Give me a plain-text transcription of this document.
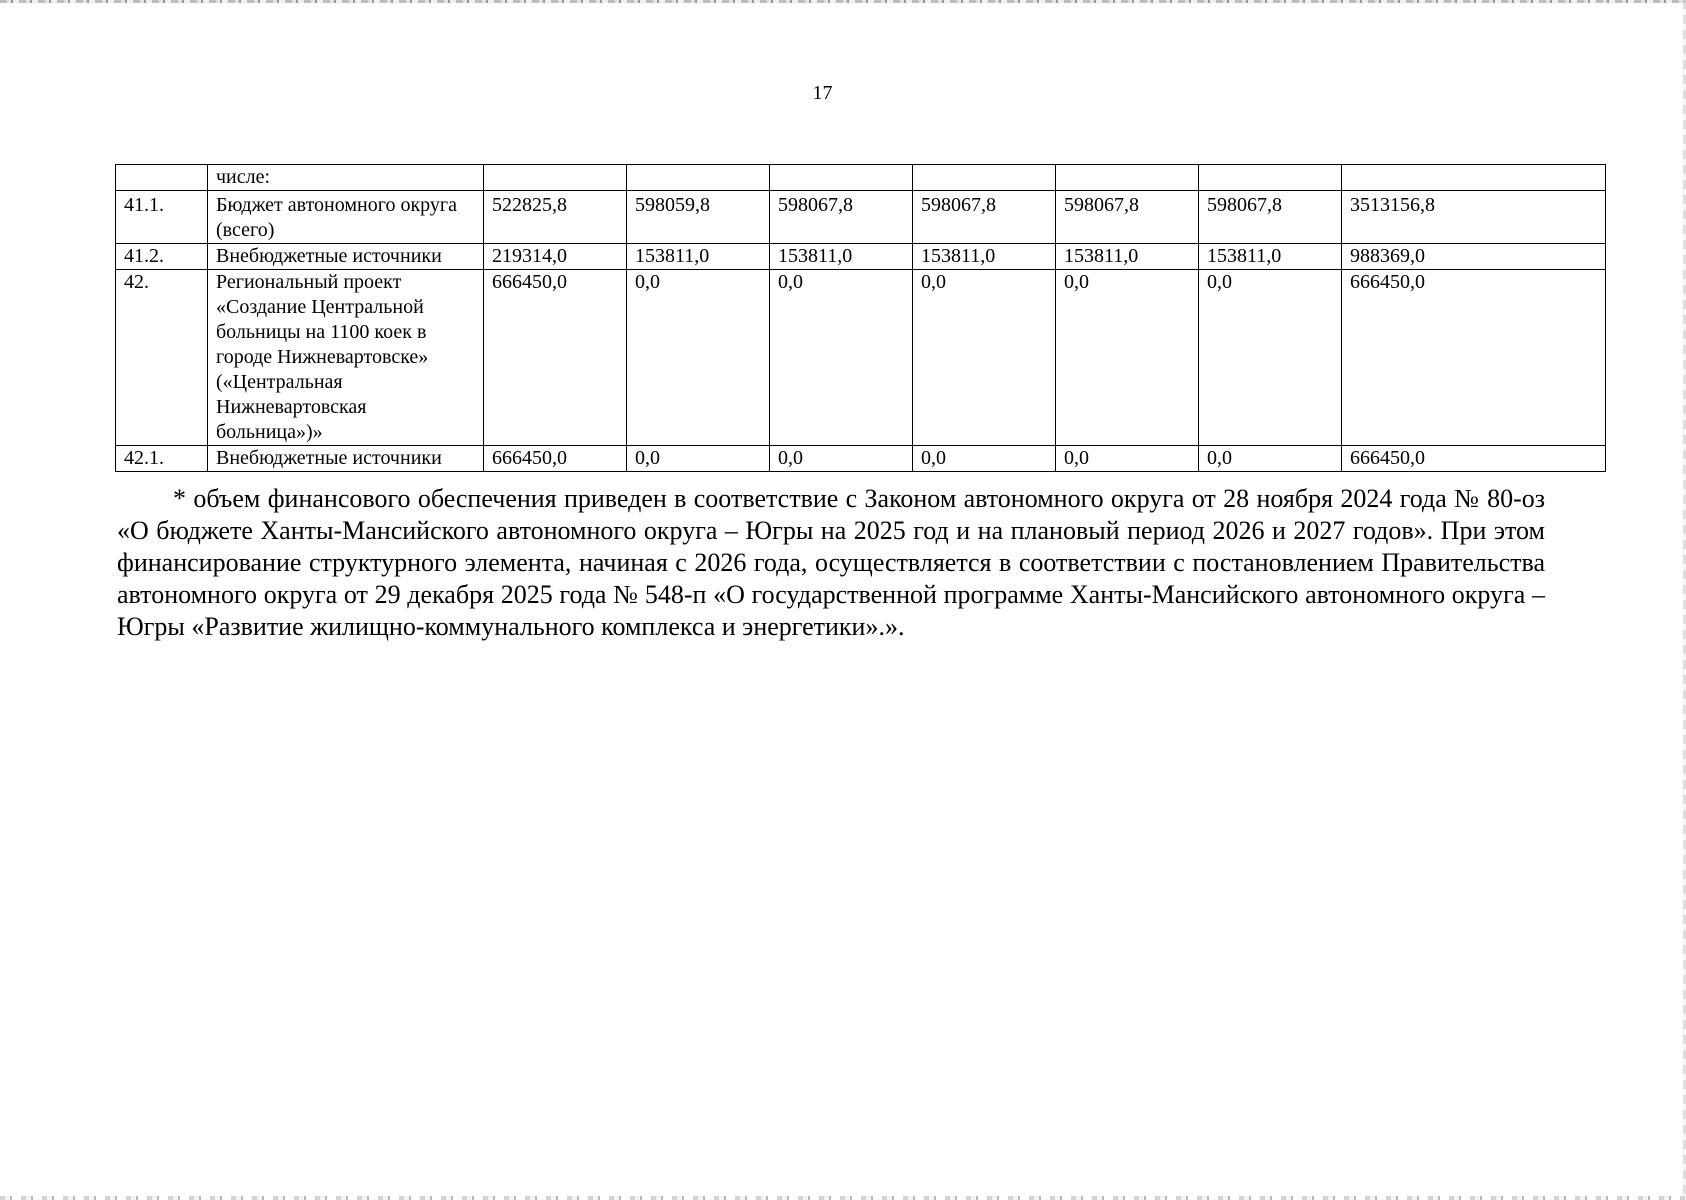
17
	числе:							
41.1.	Бюджет автономного округа (всего)	522825,8	598059,8	598067,8	598067,8	598067,8	598067,8	3513156,8
41.2.	Внебюджетные источники	219314,0	153811,0	153811,0	153811,0	153811,0	153811,0	988369,0
42.	Региональный проект «Создание Центральной больницы на 1100 коек в городе Нижневартовске» («Центральная Нижневартовская больница»)»	666450,0	0,0	0,0	0,0	0,0	0,0	666450,0
42.1.	Внебюджетные источники	666450,0	0,0	0,0	0,0	0,0	0,0	666450,0
* объем финансового обеспечения приведен в соответствие с Законом автономного округа от 28 ноября 2024 года № 80-оз «О бюджете Ханты-Мансийского автономного округа – Югры на 2025 год и на плановый период 2026 и 2027 годов». При этом финансирование структурного элемента, начиная с 2026 года, осуществляется в соответствии с постановлением Правительства автономного округа от 29 декабря 2025 года № 548-п «О государственной программе Ханты-Мансийского автономного округа – Югры «Развитие жилищно-коммунального комплекса и энергетики».».
